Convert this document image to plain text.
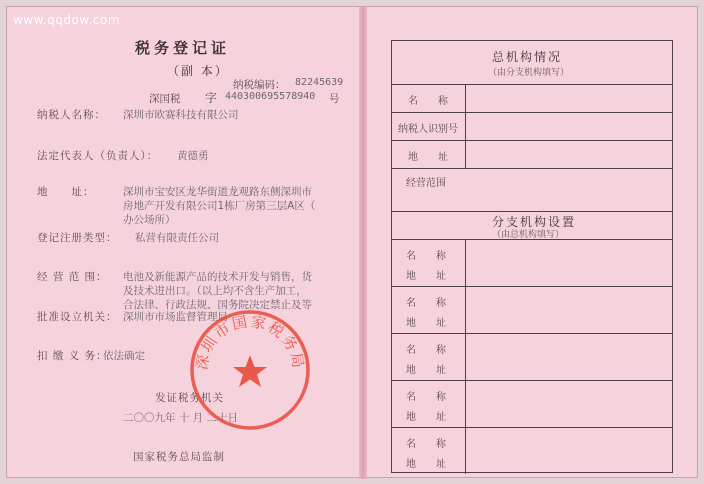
www.qqdow.com
税务登记证
（副 本）
纳税编码： 82245639
深国税 字 440300695578940 号
纳税人名称： 深圳市欧赛科技有限公司
法定代表人（负责人）： 黄德勇
地　　址：	深圳市宝安区龙华街道龙观路东侧深圳市
房地产开发有限公司1栋厂房第三层A区（
办公场所）
登记注册类型： 私营有限责任公司
经 营 范 围： 电池及新能源产品的技术开发与销售，货
及技术进出口。（以上均不含生产加工，
合法律、行政法规、国务院决定禁止及等
批准设立机关： 深圳市市场监督管理局
扣 缴 义 务：
依法确定
发证税务机关
二〇〇九年 十 月 二十日
国家税务总局监制
深圳市国家税务局
总机构情况
（由分支机构填写）
名　　称
纳税人识别号
地　　址
经营范围
分支机构设置
（由总机构填写）
名　　称
地　　址
名　　称
地　　址
名　　称
地　　址
名　　称
地　　址
名　　称
地　　址
